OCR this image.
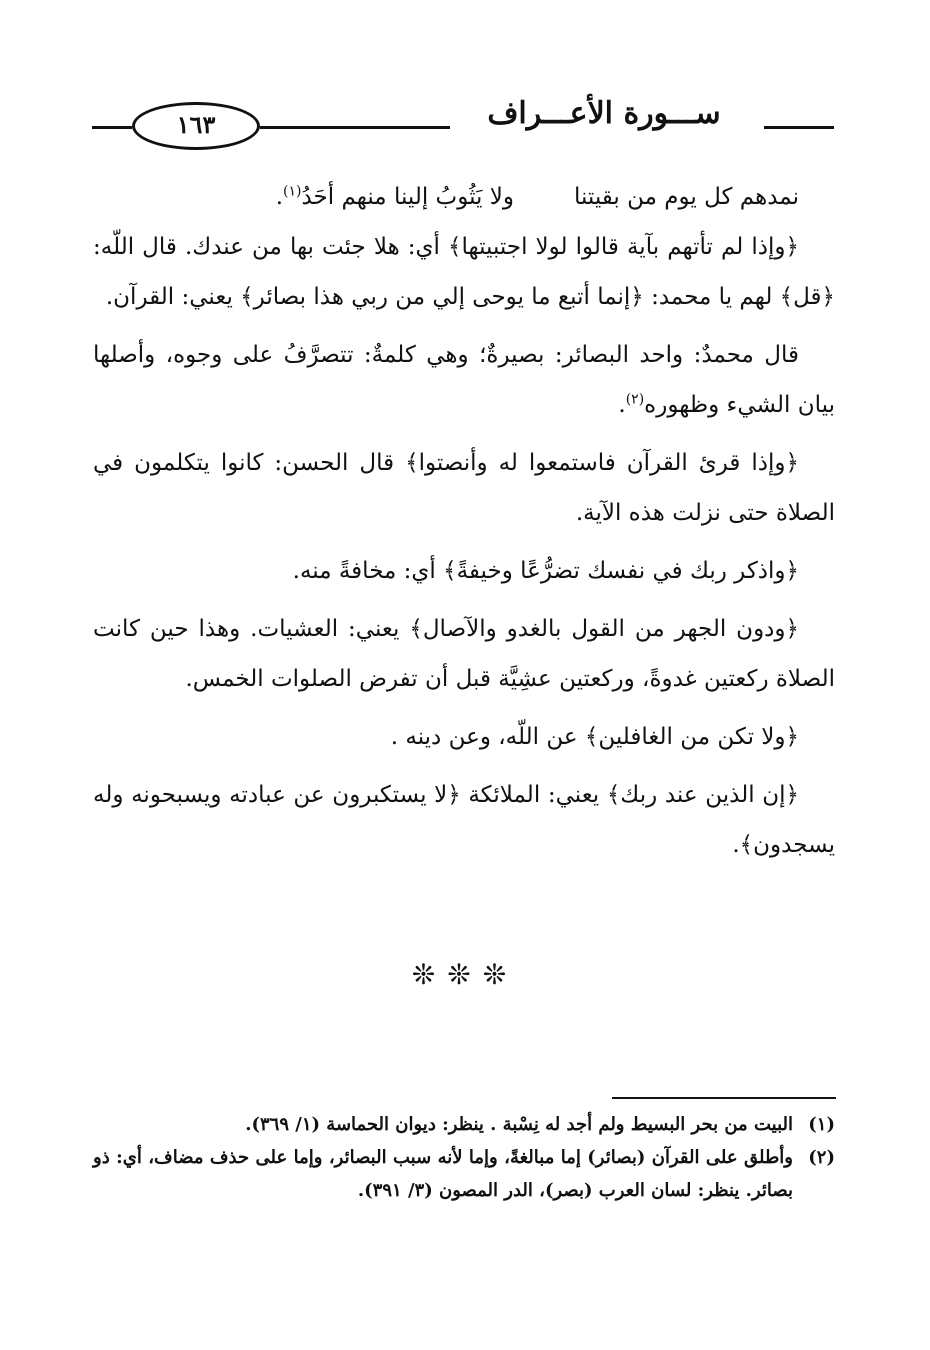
١٦٣	ســـورة الأعـــراف
نمدهم كل يوم من بقيتنا
ولا يَثُوبُ إلينا منهم أحَدُ$^{(١)}$.

﴿وإذا لم تأتهم بآية قالوا لولا اجتبيتها﴾ أي: هلا جئت بها من عندك. قال اللّه: ﴿قل﴾ لهم يا محمد: ﴿إنما أتبع ما يوحى إلي من ربي هذا بصائر﴾ يعني: القرآن.

قال محمدٌ: واحد البصائر: بصيرةٌ؛ وهي كلمةٌ: تتصرَّفُ على وجوه، وأصلها بيان الشيء وظهوره$^{(٢)}$.

﴿وإذا قرئ القرآن فاستمعوا له وأنصتوا﴾ قال الحسن: كانوا يتكلمون في الصلاة حتى نزلت هذه الآية.

﴿واذكر ربك في نفسك تضرُّعًا وخيفةً﴾ أي: مخافةً منه.

﴿ودون الجهر من القول بالغدو والآصال﴾ يعني: العشيات. وهذا حين كانت الصلاة ركعتين غدوةً، وركعتين عشِيَّة قبل أن تفرض الصلوات الخمس.

﴿ولا تكن من الغافلين﴾ عن اللّه، وعن دينه .

﴿إن الذين عند ربك﴾ يعني: الملائكة ﴿لا يستكبرون عن عبادته ويسبحونه وله يسجدون﴾.

❊❊❊
(١)
البيت من بحر البسيط ولم أجد له نِسْبة . ينظر: ديوان الحماسة (١/ ٣٦٩).
(٢)
وأطلق على القرآن (بصائر) إما مبالغةً، وإما لأنه سبب البصائر، وإما على حذف مضاف، أي: ذو بصائر. ينظر: لسان العرب (بصر)، الدر المصون (٣/ ٣٩١).
